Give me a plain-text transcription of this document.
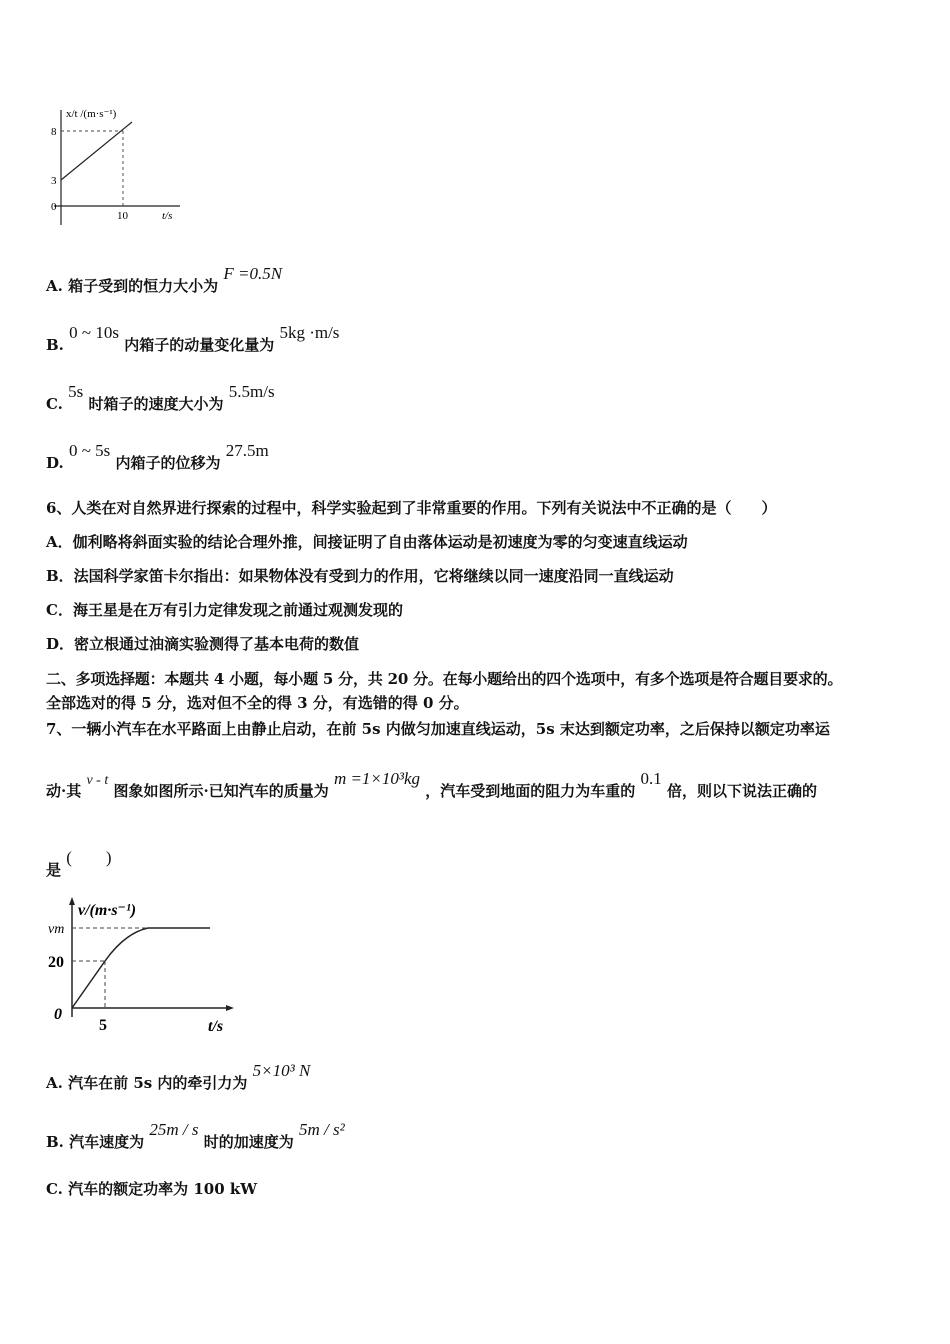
x/t /(m·s⁻¹)
8
3
0
10	t/s
A. 箱子受到的恒力大小为 F =0.5N
B. 0 ~ 10s 内箱子的动量变化量为 5kg ·m/s
C. 5s 时箱子的速度大小为 5.5m/s
D. 0 ~ 5s 内箱子的位移为 27.5m
6、人类在对自然界进行探索的过程中，科学实验起到了非常重要的作用。下列有关说法中不正确的是（　　）
A．伽利略将斜面实验的结论合理外推，间接证明了自由落体运动是初速度为零的匀变速直线运动
B．法国科学家笛卡尔指出：如果物体没有受到力的作用，它将继续以同一速度沿同一直线运动
C．海王星是在万有引力定律发现之前通过观测发现的
D．密立根通过油滴实验测得了基本电荷的数值
二、多项选择题：本题共 4 小题，每小题 5 分，共 20 分。在每小题给出的四个选项中，有多个选项是符合题目要求的。
全部选对的得 5 分，选对但不全的得 3 分，有选错的得 0 分。
7、一辆小汽车在水平路面上由静止启动，在前 5s 内做匀加速直线运动，5s 末达到额定功率，之后保持以额定功率运
动·其 v - t 图象如图所示·已知汽车的质量为 m =1×10³kg ，汽车受到地面的阻力为车重的 0.1 倍，则以下说法正确的
是 (　　)
v/(m·s⁻¹)
vm
20
0
5	t/s
A. 汽车在前 5s 内的牵引力为 5×10³ N
B. 汽车速度为 25m / s 时的加速度为 5m / s²
C. 汽车的额定功率为 100 kW
